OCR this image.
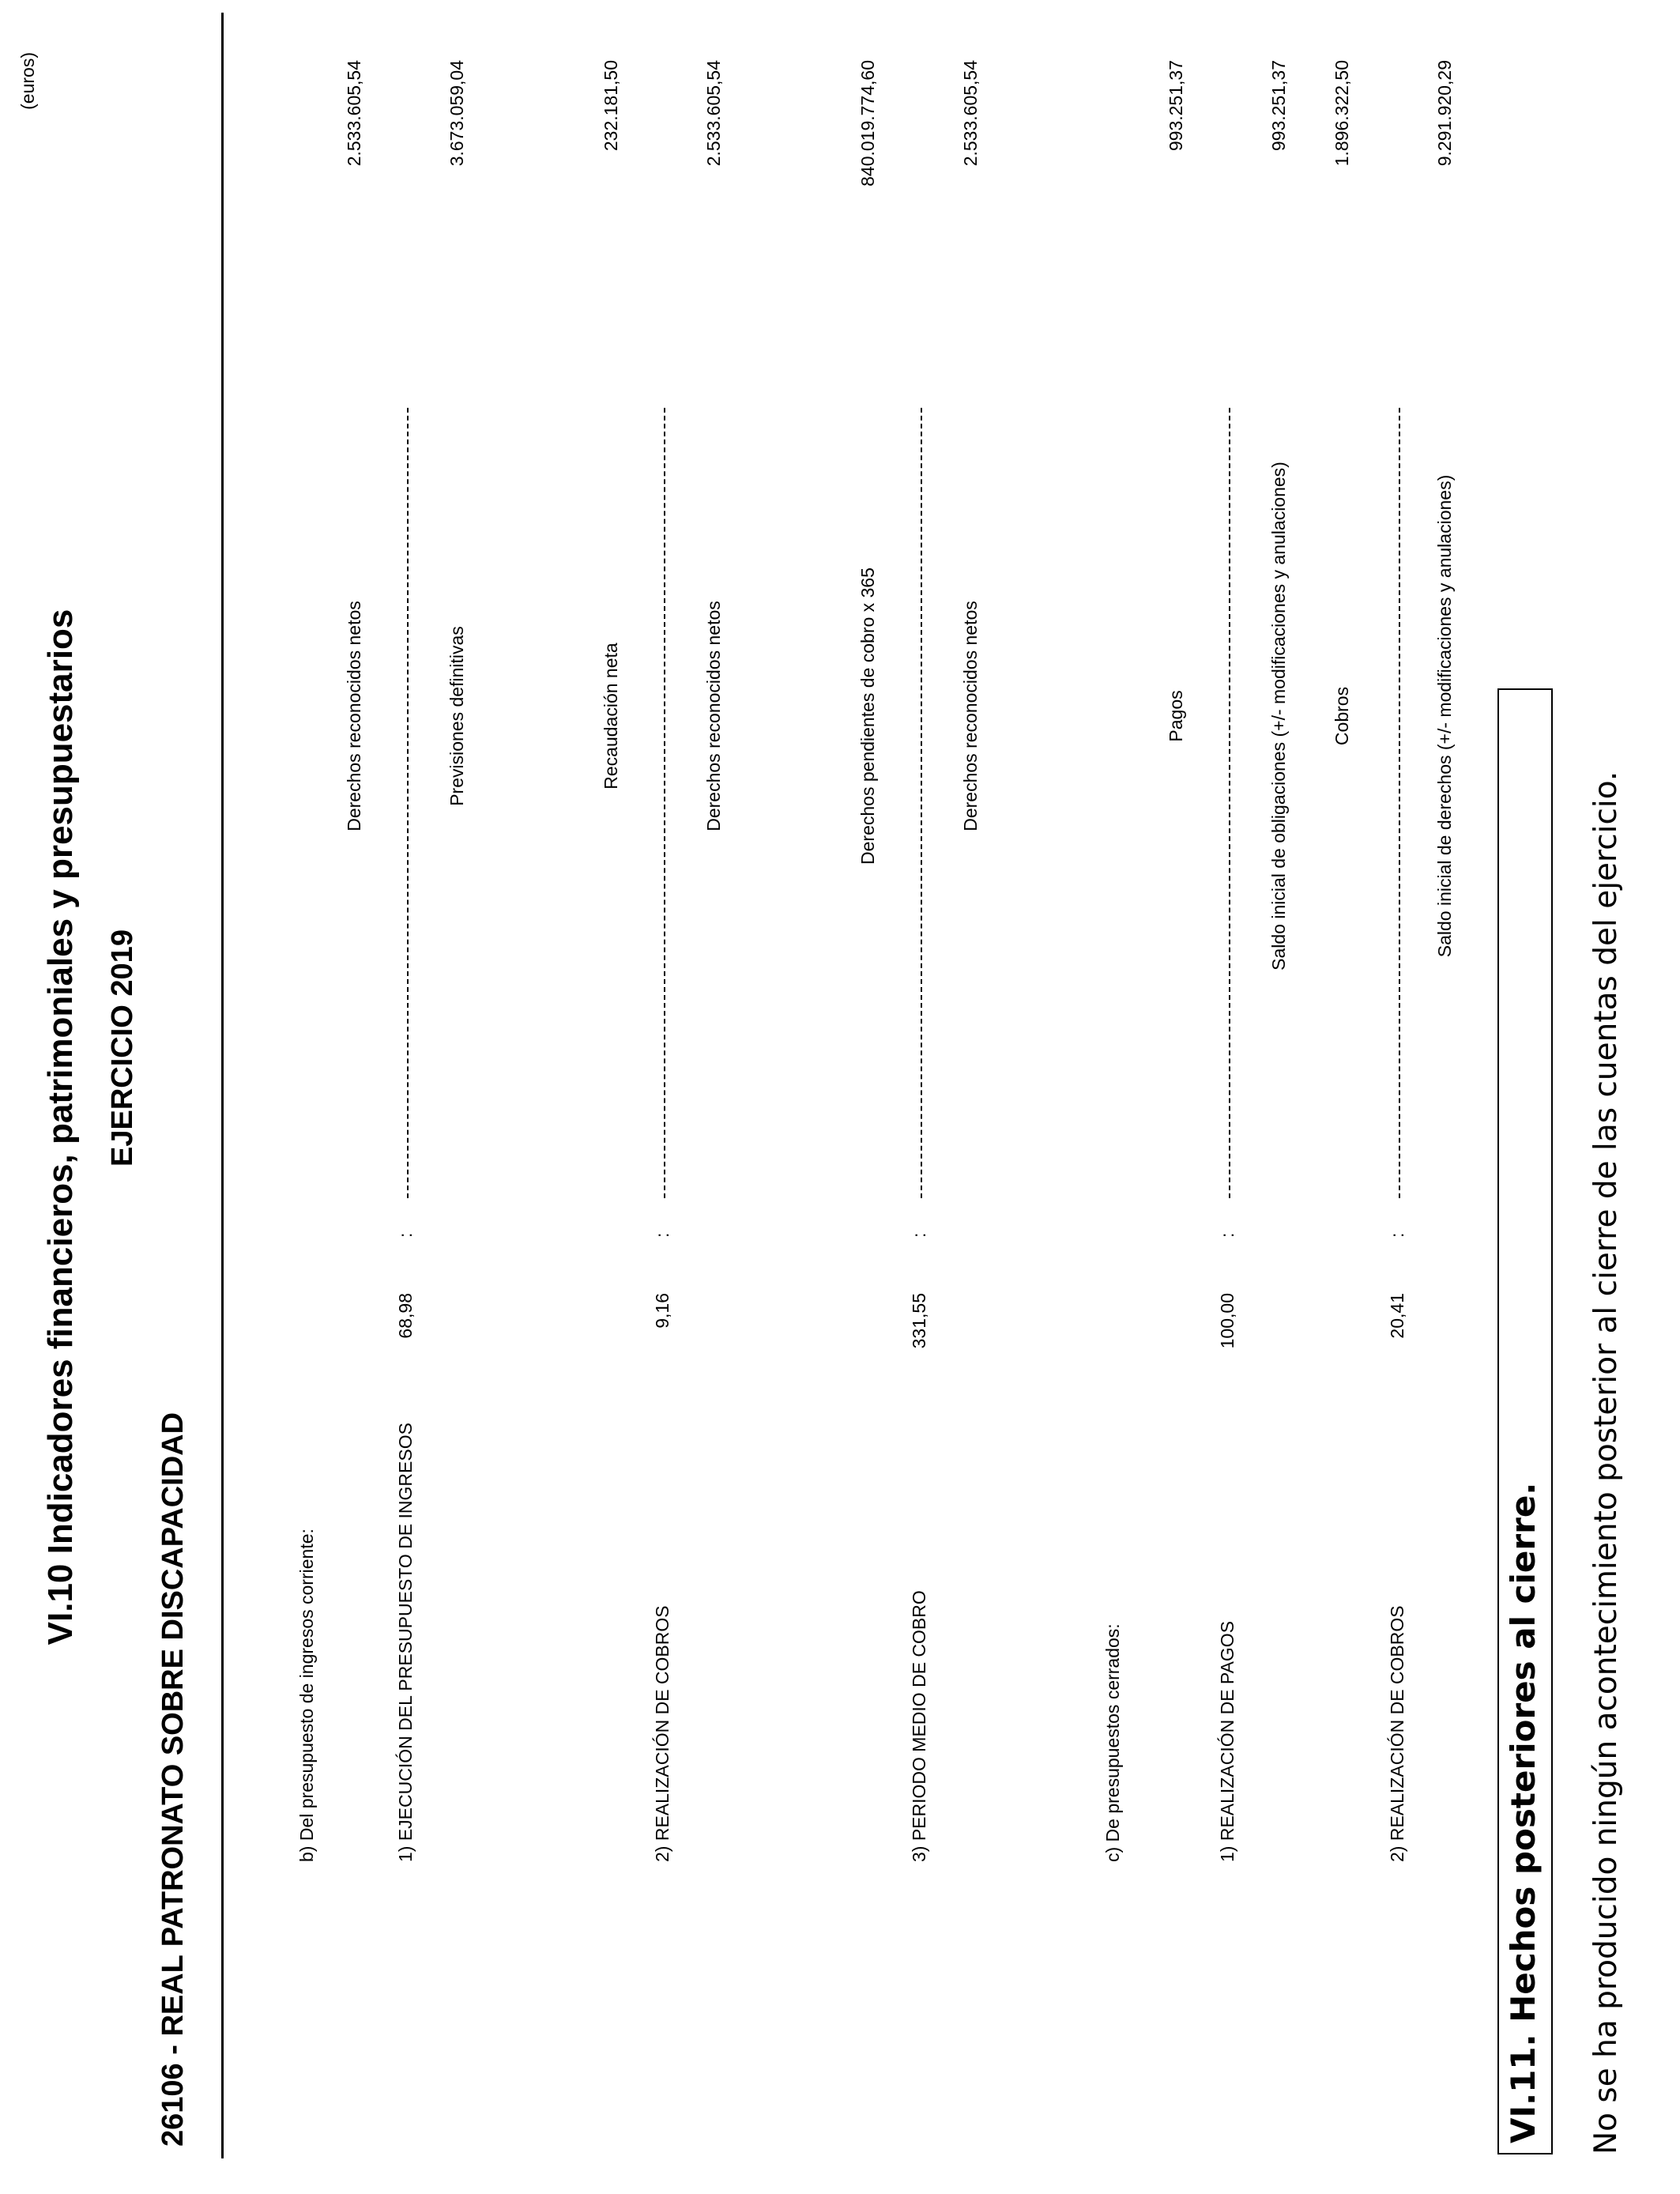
VI.10 Indicadores financieros, patrimoniales y presupuestarios
26106 - REAL PATRONATO SOBRE DISCAPACIDAD
EJERCICIO 2019
(euros)
b) Del presupuesto de ingresos corriente:	1) EJECUCIÓN DEL PRESUPUESTO DE INGRESOS
68,98
:
Derechos reconocidos netos	Previsiones definitivas
2.533.605,54	3.673.059,04
2) REALIZACIÓN DE COBROS
9,16
:
Recaudación neta	Derechos reconocidos netos
232.181,50	2.533.605,54
3) PERIODO MEDIO DE COBRO
331,55
:
Derechos pendientes de cobro x 365	Derechos reconocidos netos
840.019.774,60	2.533.605,54
c) De presupuestos cerrados:	1) REALIZACIÓN DE PAGOS
100,00
:
Pagos	Saldo inicial de obligaciones (+/- modificaciones y anulaciones)
993.251,37	993.251,37
2) REALIZACIÓN DE COBROS
20,41
:
Cobros	Saldo inicial de derechos (+/- modificaciones y anulaciones)
1.896.322,50	9.291.920,29
VI.11. Hechos posteriores al cierre. No se ha producido ningún acontecimiento posterior al cierre de las cuentas del ejercicio.
